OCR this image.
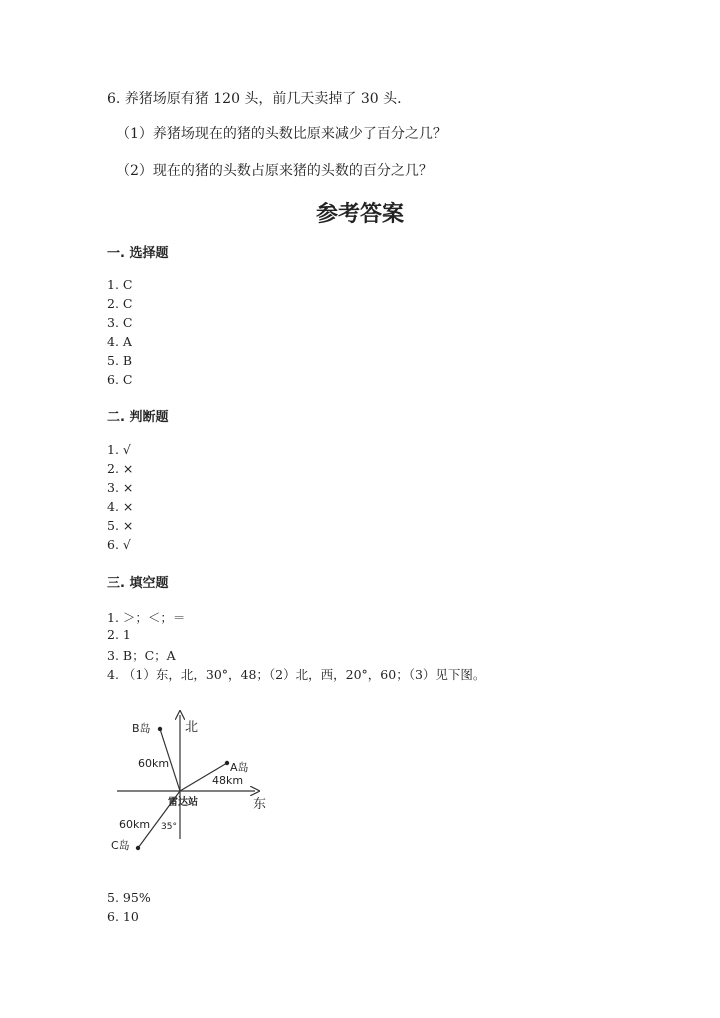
6. 养猪场原有猪 120 头，前几天卖掉了 30 头.
（1）养猪场现在的猪的头数比原来减少了百分之几？
（2）现在的猪的头数占原来猪的头数的百分之几？
参考答案
一. 选择题
1. C
2. C
3. C
4. A
5. B
6. C
二. 判断题
1. √
2. ×
3. ×
4. ×
5. ×
6. √
三. 填空题
1. ＞；＜；＝
2. 1
3. B；C；A
4. （1）东，北，30°，48；（2）北，西，20°，60；（3）见下图。
北
东
B岛
60km	A岛
48km
雷达站
60km 35°
C岛
5. 95%
6. 10
